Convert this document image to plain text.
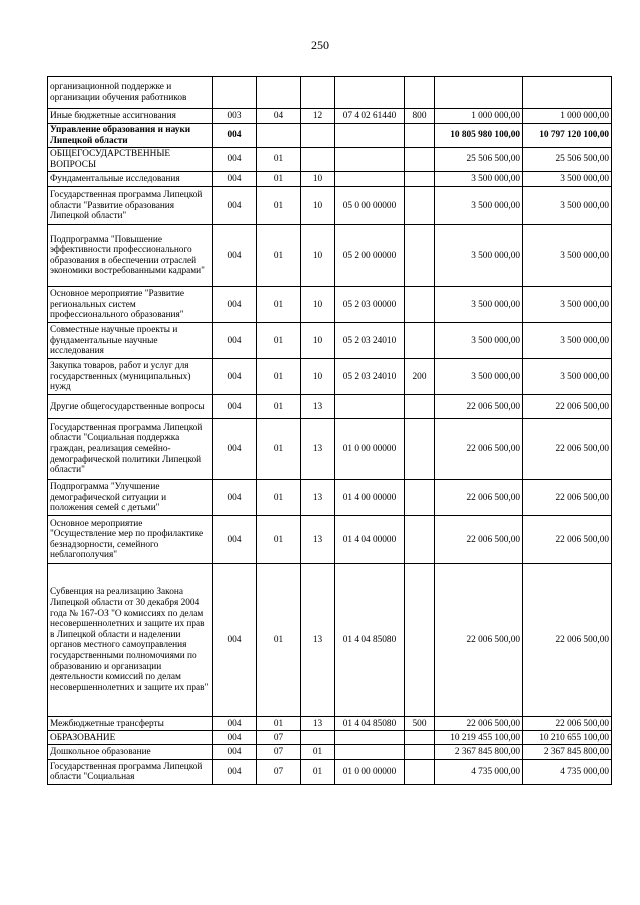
250
организационной поддержке и организации обучения работников							
Иные бюджетные ассигнования	003	04	12	07 4 02 61440	800	1 000 000,00	1 000 000,00
Управление образования и науки Липецкой области	004					10 805 980 100,00	10 797 120 100,00
ОБЩЕГОСУДАРСТВЕННЫЕ ВОПРОСЫ	004	01				25 506 500,00	25 506 500,00
Фундаментальные исследования	004	01	10			3 500 000,00	3 500 000,00
Государственная программа Липецкой области "Развитие образования Липецкой области"	004	01	10	05 0 00 00000		3 500 000,00	3 500 000,00
Подпрограмма "Повышение эффективности профессионального образования в обеспечении отраслей экономики востребованными кадрами"	004	01	10	05 2 00 00000		3 500 000,00	3 500 000,00
Основное мероприятие "Развитие региональных систем профессионального образования"	004	01	10	05 2 03 00000		3 500 000,00	3 500 000,00
Совместные научные проекты и фундаментальные научные исследования	004	01	10	05 2 03 24010		3 500 000,00	3 500 000,00
Закупка товаров, работ и услуг для государственных (муниципальных) нужд	004	01	10	05 2 03 24010	200	3 500 000,00	3 500 000,00
Другие общегосударственные вопросы	004	01	13			22 006 500,00	22 006 500,00
Государственная программа Липецкой области "Социальная поддержка граждан, реализация семейно-демографической политики Липецкой области"	004	01	13	01 0 00 00000		22 006 500,00	22 006 500,00
Подпрограмма "Улучшение демографической ситуации и положения семей с детьми"	004	01	13	01 4 00 00000		22 006 500,00	22 006 500,00
Основное мероприятие "Осуществление мер по профилактике безнадзорности, семейного неблагополучия"	004	01	13	01 4 04 00000		22 006 500,00	22 006 500,00
Субвенция на реализацию Закона Липецкой области от 30 декабря 2004 года № 167-ОЗ "О комиссиях по делам несовершеннолетних и защите их прав в Липецкой области и наделении органов местного самоуправления государственными полномочиями по образованию и организации деятельности комиссий по делам несовершеннолетних и защите их прав"	004	01	13	01 4 04 85080		22 006 500,00	22 006 500,00
Межбюджетные трансферты	004	01	13	01 4 04 85080	500	22 006 500,00	22 006 500,00
ОБРАЗОВАНИЕ	004	07				10 219 455 100,00	10 210 655 100,00
Дошкольное образование	004	07	01			2 367 845 800,00	2 367 845 800,00
Государственная программа Липецкой области "Социальная	004	07	01	01 0 00 00000		4 735 000,00	4 735 000,00
